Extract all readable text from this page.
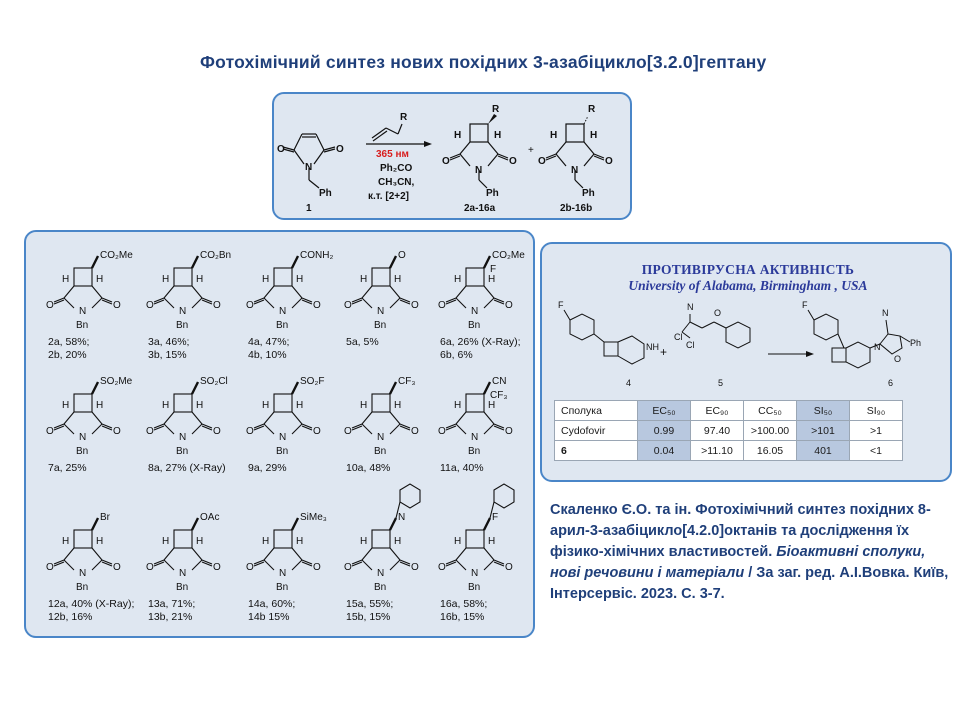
Фотохімічний синтез нових похідних 3-азабіцикло[3.2.0]гептану
O	O
N
Ph
1
R
365 нм
Ph₂CO
CH₃CN,
к.т. [2+2]
R
H	H
O	O
N
Ph
2a-16a
+
R
H	H
O	O
N
Ph
2b-16b
CO₂Me
H	H
O	O
N
Bn
CO₂Bn
H	H
O	O
N
Bn
CONH₂
H	H
O	O
N
Bn
O
H	H
O	O
N
Bn
CO₂Me
F
H	H
O	O
N
Bn
SO₂Me
H	H
O	O
N
Bn
SO₂Cl
H	H
O	O
N
Bn
SO₂F
H	H
O	O
N
Bn
CF₃
H	H
O	O
N
Bn
CN
CF₃
H	H
O	O
N
Bn
Br
H	H
O	O
N
Bn
OAc
H	H
O	O
N
Bn
SiMe₃
H	H
O	O
N
Bn
N
H	H
O	O
N
Bn
F
H	H
O	O
N
Bn
2a, 58%;
2b, 20%
3a, 46%;
3b, 15%
4a, 47%;
4b, 10%
5a, 5%	6a, 26% (X-Ray);
6b, 6%
7a, 25%	8a, 27% (X-Ray) 9a, 29%	10a, 48%	11a, 40%
12a, 40% (X-Ray);
12b, 16%
13a, 71%;
13b, 21%
14a, 60%;
14b 15%
15a, 55%;
15b, 15%
16a, 58%;
16b, 15%
ПРОТИВІРУСНА АКТИВНІСТЬ
University of Alabama, Birmingham , USA
F
NH
4
+
N
Cl
Cl
O
5
F
N
N
O
Ph
6
Сполука	EC₅₀	EC₉₀	CC₅₀	SI₅₀	SI₉₀
Cydofovir	0.99	97.40	>100.00	>101	>1
6	0.04	>11.10	16.05	401	<1
Скаленко Є.О. та ін. Фотохімічний синтез похідних 8-арил-3-азабіцикло[4.2.0]октанів та дослідження їх фізико-хімічних властивостей. Біоактивні сполуки, нові речовини і матеріали / За заг. ред. А.І.Вовка. Київ, Інтерсервіс. 2023. С. 3-7.
